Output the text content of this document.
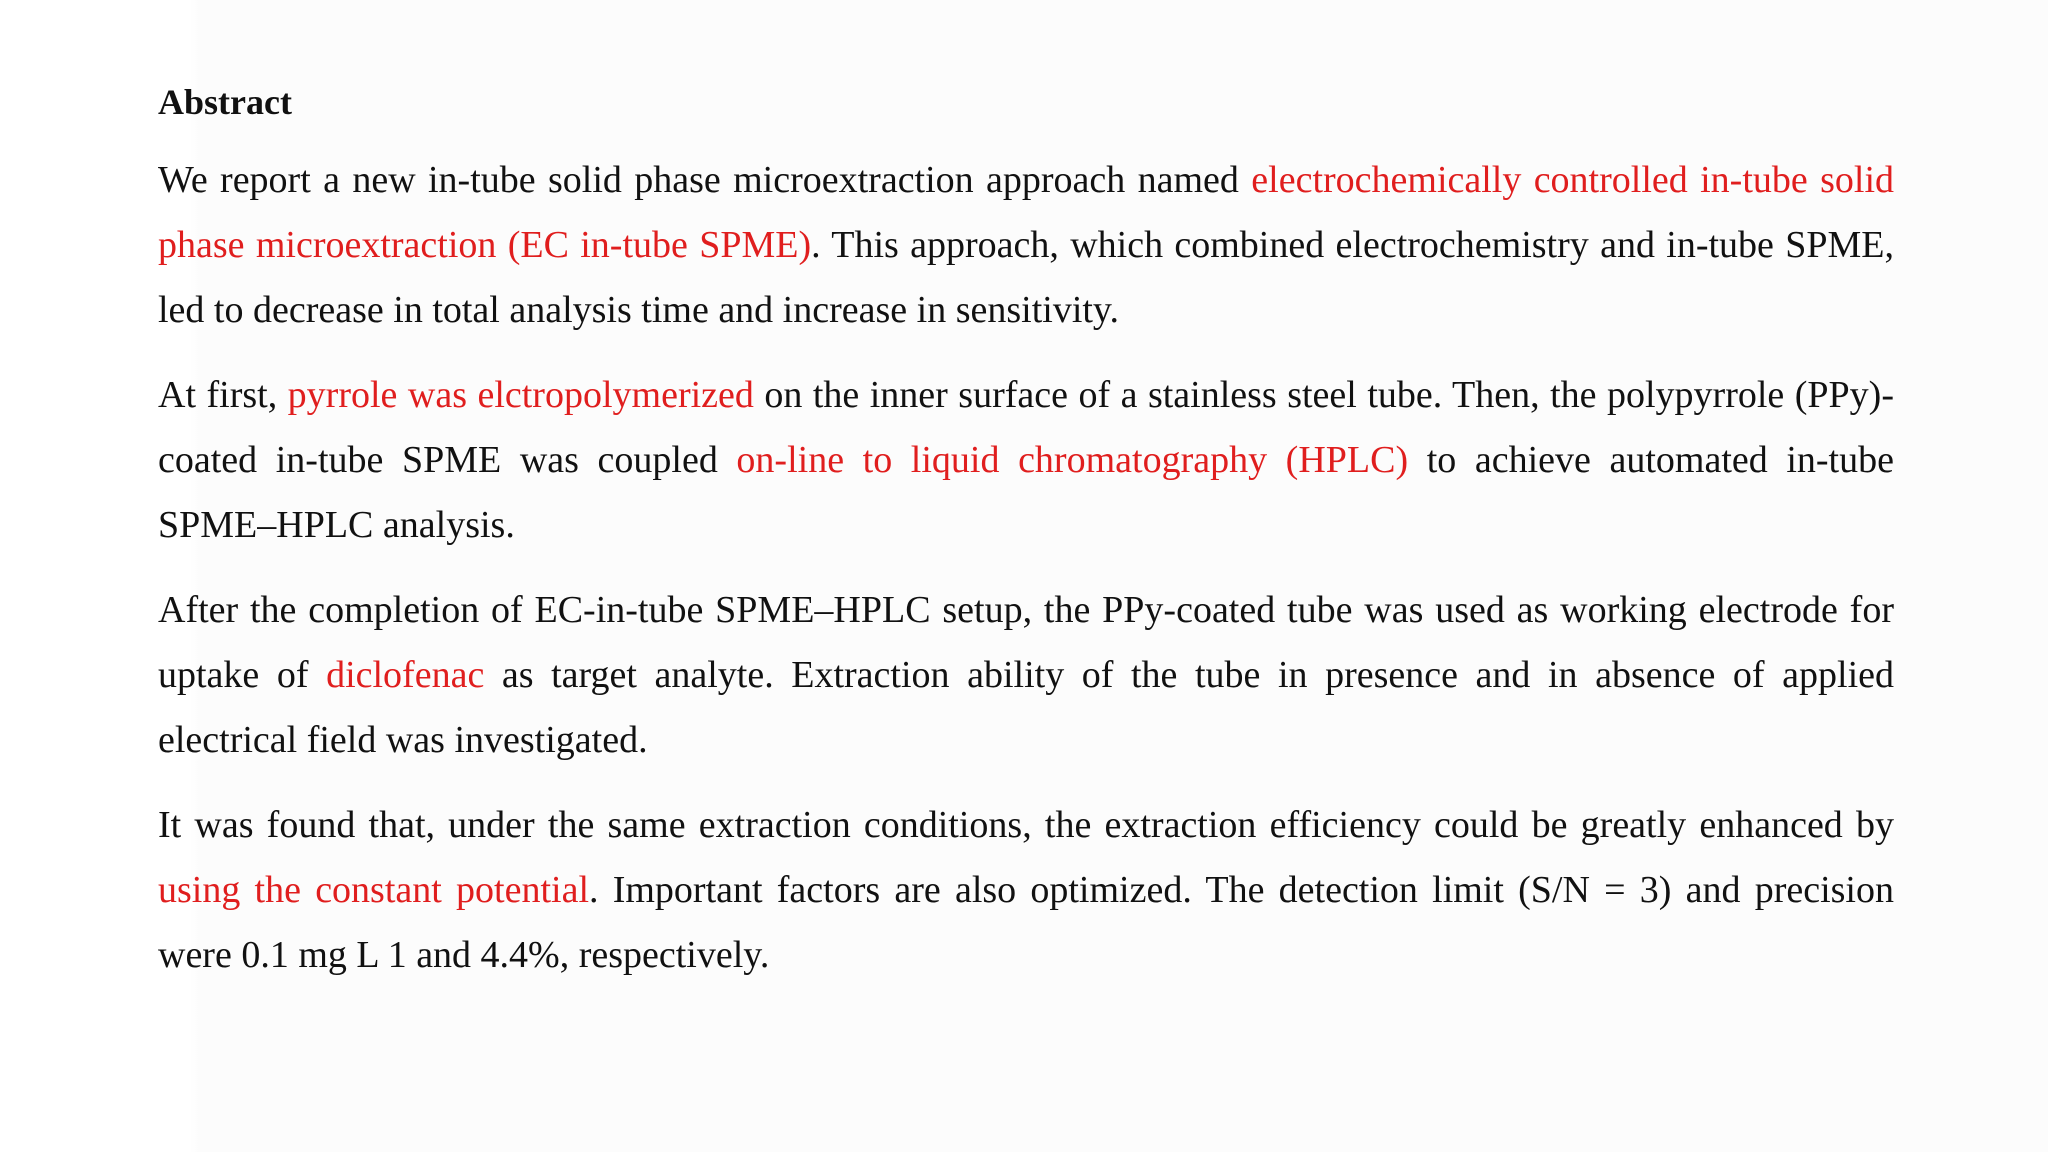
Abstract

We report a new in-tube solid phase microextraction approach named electrochemically controlled in-tube solid phase microextraction (EC in-tube SPME). This approach, which combined electrochemistry and in-tube SPME, led to decrease in total analysis time and increase in sensitivity.

At first, pyrrole was elctropolymerized on the inner surface of a stainless steel tube. Then, the polypyrrole (PPy)-coated in-tube SPME was coupled on-line to liquid chromatography (HPLC) to achieve automated in-tube SPME–HPLC analysis.

After the completion of EC-in-tube SPME–HPLC setup, the PPy-coated tube was used as working electrode for uptake of diclofenac as target analyte. Extraction ability of the tube in presence and in absence of applied electrical field was investigated.

It was found that, under the same extraction conditions, the extraction efficiency could be greatly enhanced by using the constant potential. Important factors are also optimized. The detection limit (S/N = 3) and precision were 0.1 mg L 1 and 4.4%, respectively.
